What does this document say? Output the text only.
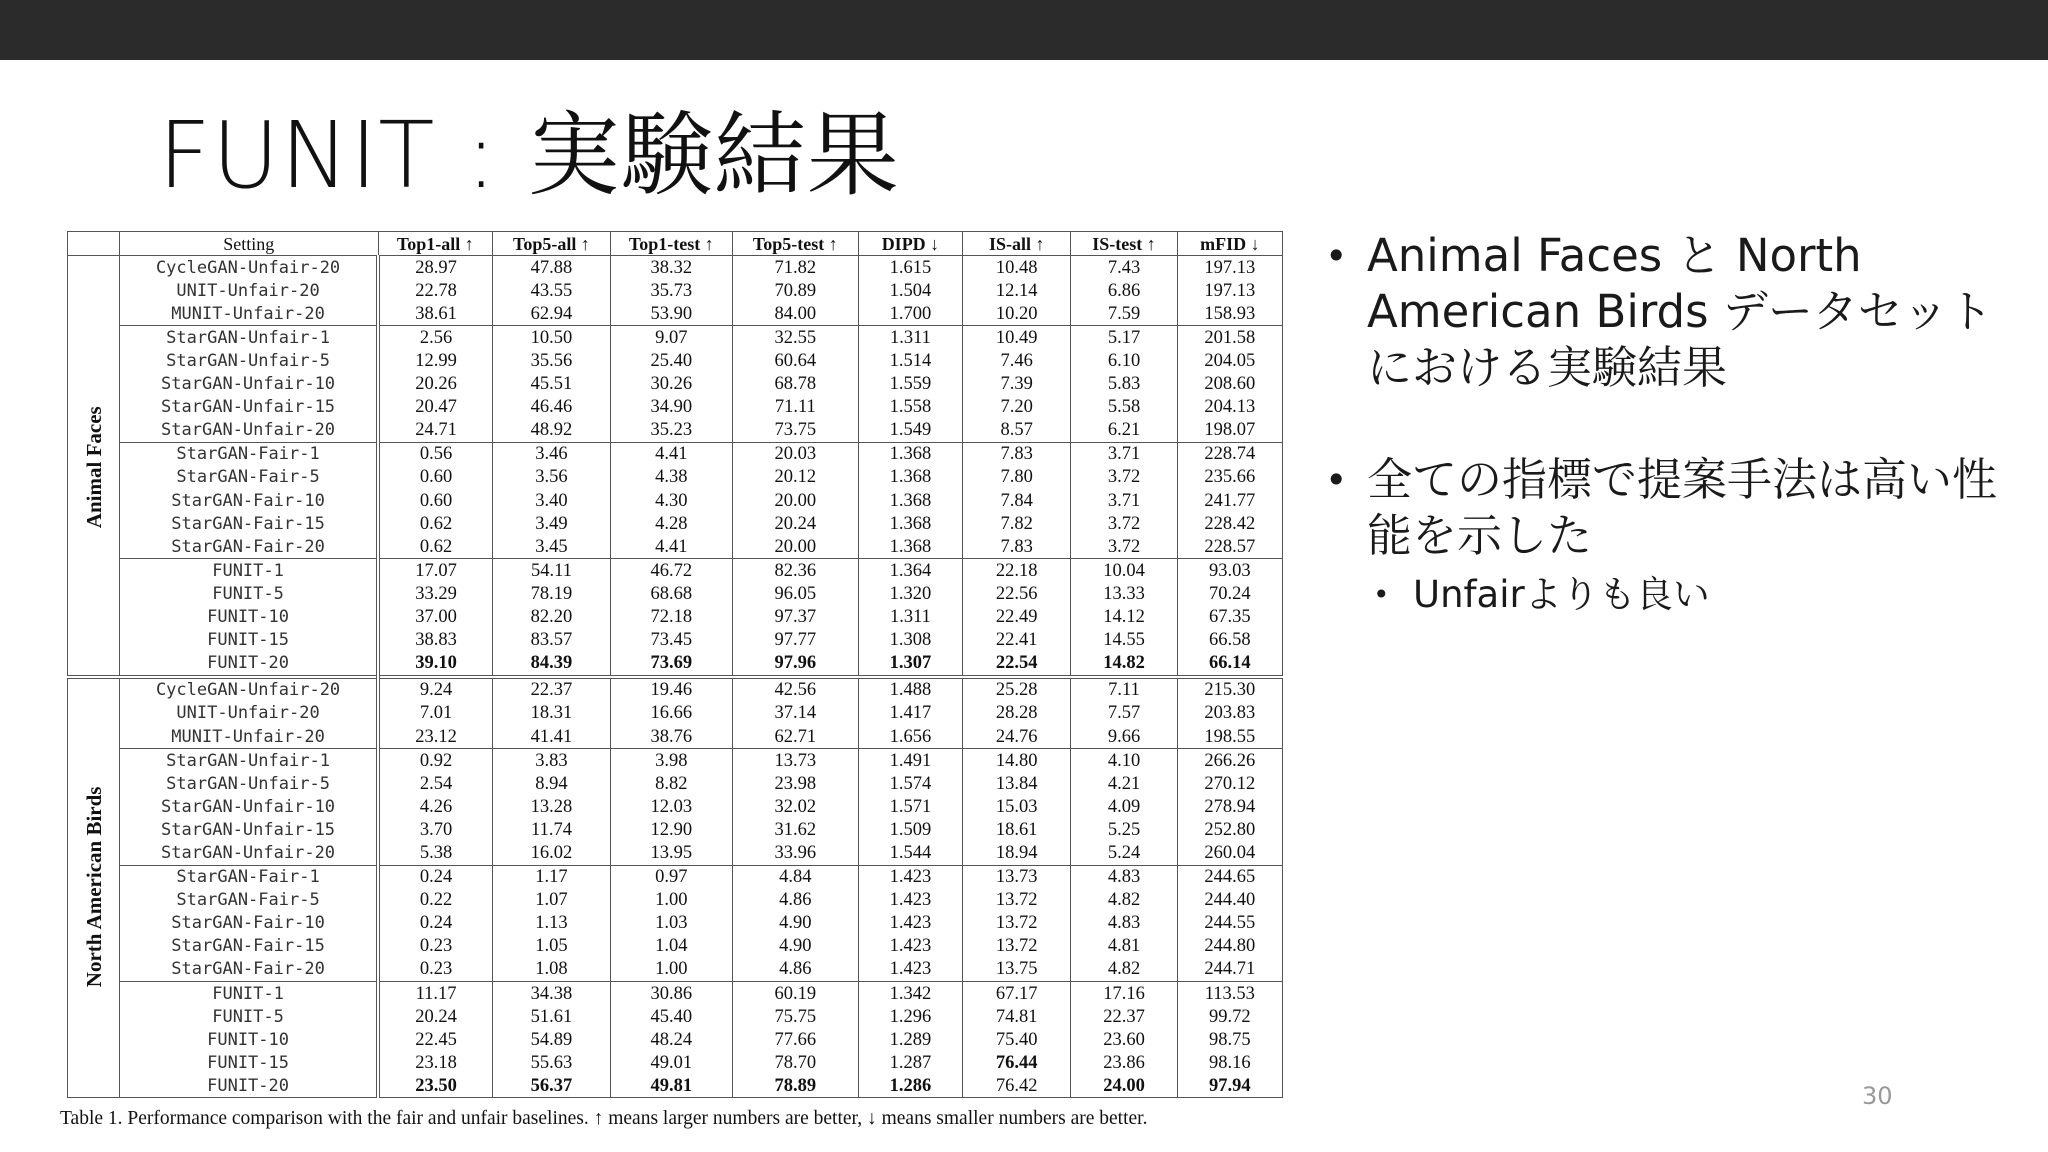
FUNIT : 実験結果
	Setting	Top1-all ↑	Top5-all ↑	Top1-test ↑	Top5-test ↑	DIPD ↓	IS-all ↑	IS-test ↑	mFID ↓
Animal Faces	CycleGAN-Unfair-20	28.97	47.88	38.32	71.82	1.615	10.48	7.43	197.13
	UNIT-Unfair-20	22.78	43.55	35.73	70.89	1.504	12.14	6.86	197.13
	MUNIT-Unfair-20	38.61	62.94	53.90	84.00	1.700	10.20	7.59	158.93
	StarGAN-Unfair-1	2.56	10.50	9.07	32.55	1.311	10.49	5.17	201.58
	StarGAN-Unfair-5	12.99	35.56	25.40	60.64	1.514	7.46	6.10	204.05
	StarGAN-Unfair-10	20.26	45.51	30.26	68.78	1.559	7.39	5.83	208.60
	StarGAN-Unfair-15	20.47	46.46	34.90	71.11	1.558	7.20	5.58	204.13
	StarGAN-Unfair-20	24.71	48.92	35.23	73.75	1.549	8.57	6.21	198.07
	StarGAN-Fair-1	0.56	3.46	4.41	20.03	1.368	7.83	3.71	228.74
	StarGAN-Fair-5	0.60	3.56	4.38	20.12	1.368	7.80	3.72	235.66
	StarGAN-Fair-10	0.60	3.40	4.30	20.00	1.368	7.84	3.71	241.77
	StarGAN-Fair-15	0.62	3.49	4.28	20.24	1.368	7.82	3.72	228.42
	StarGAN-Fair-20	0.62	3.45	4.41	20.00	1.368	7.83	3.72	228.57
	FUNIT-1	17.07	54.11	46.72	82.36	1.364	22.18	10.04	93.03
	FUNIT-5	33.29	78.19	68.68	96.05	1.320	22.56	13.33	70.24
	FUNIT-10	37.00	82.20	72.18	97.37	1.311	22.49	14.12	67.35
	FUNIT-15	38.83	83.57	73.45	97.77	1.308	22.41	14.55	66.58
	FUNIT-20	39.10	84.39	73.69	97.96	1.307	22.54	14.82	66.14
North American Birds	CycleGAN-Unfair-20	9.24	22.37	19.46	42.56	1.488	25.28	7.11	215.30
	UNIT-Unfair-20	7.01	18.31	16.66	37.14	1.417	28.28	7.57	203.83
	MUNIT-Unfair-20	23.12	41.41	38.76	62.71	1.656	24.76	9.66	198.55
	StarGAN-Unfair-1	0.92	3.83	3.98	13.73	1.491	14.80	4.10	266.26
	StarGAN-Unfair-5	2.54	8.94	8.82	23.98	1.574	13.84	4.21	270.12
	StarGAN-Unfair-10	4.26	13.28	12.03	32.02	1.571	15.03	4.09	278.94
	StarGAN-Unfair-15	3.70	11.74	12.90	31.62	1.509	18.61	5.25	252.80
	StarGAN-Unfair-20	5.38	16.02	13.95	33.96	1.544	18.94	5.24	260.04
	StarGAN-Fair-1	0.24	1.17	0.97	4.84	1.423	13.73	4.83	244.65
	StarGAN-Fair-5	0.22	1.07	1.00	4.86	1.423	13.72	4.82	244.40
	StarGAN-Fair-10	0.24	1.13	1.03	4.90	1.423	13.72	4.83	244.55
	StarGAN-Fair-15	0.23	1.05	1.04	4.90	1.423	13.72	4.81	244.80
	StarGAN-Fair-20	0.23	1.08	1.00	4.86	1.423	13.75	4.82	244.71
	FUNIT-1	11.17	34.38	30.86	60.19	1.342	67.17	17.16	113.53
	FUNIT-5	20.24	51.61	45.40	75.75	1.296	74.81	22.37	99.72
	FUNIT-10	22.45	54.89	48.24	77.66	1.289	75.40	23.60	98.75
	FUNIT-15	23.18	55.63	49.01	78.70	1.287	76.44	23.86	98.16
	FUNIT-20	23.50	56.37	49.81	78.89	1.286	76.42	24.00	97.94
Table 1. Performance comparison with the fair and unfair baselines. ↑ means larger numbers are better, ↓ means smaller numbers are better.
• Animal Faces と North American Birds データセットにおける実験結果
• 全ての指標で提案手法は高い性能を示した
• Unfairよりも良い
30
